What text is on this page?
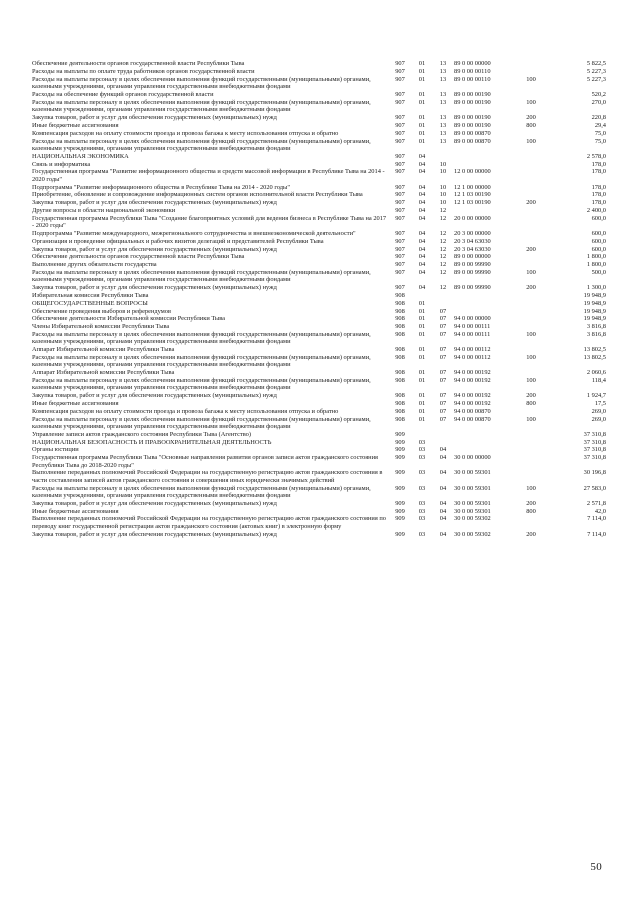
Обеспечение деятельности органов государственной власти Республики Тыва	907	01	13	89 0 00 00000		5 822,5
Расходы на выплаты по оплате труда работников органов государственной власти	907	01	13	89 0 00 00110		5 227,3
Расходы на выплаты персоналу в целях обеспечения выполнения функций государственными (муниципальными) органами, казенными учреждениями, органами управления государственными внебюджетными фондами	907	01	13	89 0 00 00110	100	5 227,3
Расходы на обеспечение функций органов государственной власти	907	01	13	89 0 00 00190		520,2
Расходы на выплаты персоналу в целях обеспечения выполнения функций государственными (муниципальными) органами, казенными учреждениями, органами управления государственными внебюджетными фондами	907	01	13	89 0 00 00190	100	270,0
Закупка товаров, работ и услуг для обеспечения государственных (муниципальных) нужд	907	01	13	89 0 00 00190	200	220,8
Иные бюджетные ассигнования	907	01	13	89 0 00 00190	800	29,4
Компенсация расходов на оплату стоимости проезда и провоза багажа к месту использования отпуска и обратно	907	01	13	89 0 00 00870		75,0
Расходы на выплаты персоналу в целях обеспечения выполнения функций государственными (муниципальными) органами, казенными учреждениями, органами управления государственными внебюджетными фондами	907	01	13	89 0 00 00870	100	75,0
НАЦИОНАЛЬНАЯ ЭКОНОМИКА	907	04				2 578,0
Связь и информатика	907	04	10			178,0
Государственная программа "Развитие информационного общества и средств массовой информации в Республике Тыва на 2014 - 2020 годы"	907	04	10	12 0 00 00000		178,0
Подпрограмма "Развитие информационного общества в Республике Тыва на 2014 - 2020 годы"	907	04	10	12 1 00 00000		178,0
Приобретение, обновление и сопровождение информационных систем органов исполнительной власти Республики Тыва	907	04	10	12 1 03 00190		178,0
Закупка товаров, работ и услуг для обеспечения государственных (муниципальных) нужд	907	04	10	12 1 03 00190	200	178,0
Другие вопросы в области национальной экономики	907	04	12			2 400,0
Государственная программа Республики Тыва "Создание благоприятных условий для ведения бизнеса в Республике Тыва на 2017 - 2020 годы"	907	04	12	20 0 00 00000		600,0
Подпрограмма "Развитие международного, межрегионального сотрудничества и внешнеэкономической деятельности"	907	04	12	20 3 00 00000		600,0
Организация и проведение официальных и рабочих визитов делегаций и представителей Республики Тыва	907	04	12	20 3 04 63030		600,0
Закупка товаров, работ и услуг для обеспечения государственных (муниципальных) нужд	907	04	12	20 3 04 63030	200	600,0
Обеспечение деятельности органов государственной власти Республики Тыва	907	04	12	89 0 00 00000		1 800,0
Выполнение других обязательств государства	907	04	12	89 0 00 99990		1 800,0
Расходы на выплаты персоналу в целях обеспечения выполнения функций государственными (муниципальными) органами, казенными учреждениями, органами управления государственными внебюджетными фондами	907	04	12	89 0 00 99990	100	500,0
Закупка товаров, работ и услуг для обеспечения государственных (муниципальных) нужд	907	04	12	89 0 00 99990	200	1 300,0
Избирательная комиссия Республики Тыва	908					19 948,9
ОБЩЕГОСУДАРСТВЕННЫЕ ВОПРОСЫ	908	01				19 948,9
Обеспечение проведения выборов и референдумов	908	01	07			19 948,9
Обеспечение деятельности Избирательной комиссии Республики Тыва	908	01	07	94 0 00 00000		19 948,9
Члены Избирательной комиссии Республики Тыва	908	01	07	94 0 00 00111		3 816,8
Расходы на выплаты персоналу в целях обеспечения выполнения функций государственными (муниципальными) органами, казенными учреждениями, органами управления государственными внебюджетными фондами	908	01	07	94 0 00 00111	100	3 816,8
Аппарат Избирательной комиссии Республики Тыва	908	01	07	94 0 00 00112		13 802,5
Расходы на выплаты персоналу в целях обеспечения выполнения функций государственными (муниципальными) органами, казенными учреждениями, органами управления государственными внебюджетными фондами	908	01	07	94 0 00 00112	100	13 802,5
Аппарат Избирательной комиссии Республики Тыва	908	01	07	94 0 00 00192		2 060,6
Расходы на выплаты персоналу в целях обеспечения выполнения функций государственными (муниципальными) органами, казенными учреждениями, органами управления государственными внебюджетными фондами	908	01	07	94 0 00 00192	100	118,4
Закупка товаров, работ и услуг для обеспечения государственных (муниципальных) нужд	908	01	07	94 0 00 00192	200	1 924,7
Иные бюджетные ассигнования	908	01	07	94 0 00 00192	800	17,5
Компенсация расходов на оплату стоимости проезда и провоза багажа к месту использования отпуска и обратно	908	01	07	94 0 00 00870		269,0
Расходы на выплаты персоналу в целях обеспечения выполнения функций государственными (муниципальными) органами, казенными учреждениями, органами управления государственными внебюджетными фондами	908	01	07	94 0 00 00870	100	269,0
Управление записи актов гражданского состояния Республики Тыва (Агентство)	909					37 310,8
НАЦИОНАЛЬНАЯ БЕЗОПАСНОСТЬ И ПРАВООХРАНИТЕЛЬНАЯ ДЕЯТЕЛЬНОСТЬ	909	03				37 310,8
Органы юстиции	909	03	04			37 310,8
Государственная программа Республики Тыва "Основные направления развития органов записи актов гражданского состояния Республики Тыва до 2018-2020 годы"	909	03	04	30 0 00 00000		37 310,8
Выполнение переданных полномочий Российской Федерации на государственную регистрацию актов гражданского состояния в части составления записей актов гражданского состояния и совершения иных юридически значимых действий	909	03	04	30 0 00 59301		30 196,8
Расходы на выплаты персоналу в целях обеспечения выполнения функций государственными (муниципальными) органами, казенными учреждениями, органами управления государственными внебюджетными фондами	909	03	04	30 0 00 59301	100	27 583,0
Закупка товаров, работ и услуг для обеспечения государственных (муниципальных) нужд	909	03	04	30 0 00 59301	200	2 571,8
Иные бюджетные ассигнования	909	03	04	30 0 00 59301	800	42,0
Выполнение переданных полномочий Российской Федерации на государственную регистрацию актов гражданского состояния по переводу книг государственной регистрации актов гражданского состояния (актовых книг) в электронную форму	909	03	04	30 0 00 59302		7 114,0
Закупка товаров, работ и услуг для обеспечения государственных (муниципальных) нужд	909	03	04	30 0 00 59302	200	7 114,0
50
